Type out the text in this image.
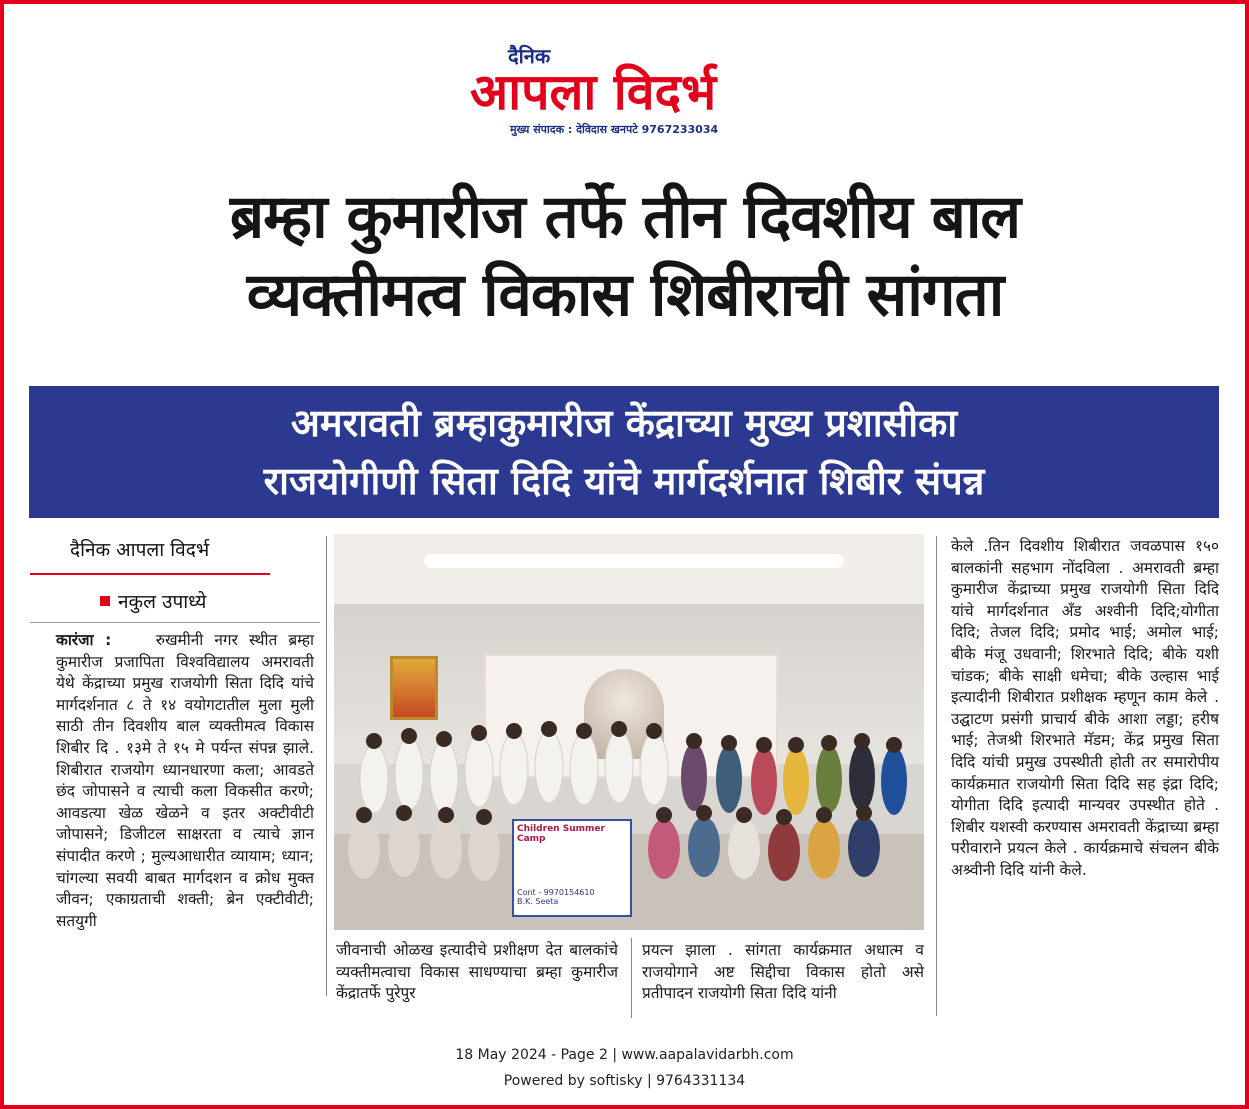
दैनिक
आपला विदर्भ
मुख्य संपादक : देविदास खनपटे 9767233034
ब्रम्हा कुमारीज तर्फे तीन दिवशीय बाल
व्यक्तीमत्व विकास शिबीराची सांगता
अमरावती ब्रम्हाकुमारीज केंद्राच्या मुख्य प्रशासीका
राजयोगीणी सिता दिदि यांचे मार्गदर्शनात शिबीर संपन्न
दैनिक आपला विदर्भ
नकुल उपाध्ये
कारंजा :	रुखमीनी नगर स्थीत ब्रम्हा कुमारीज प्रजापिता विश्वविद्यालय अमरावती येथे केंद्राच्या प्रमुख राजयोगी सिता दिदि यांचे मार्गदर्शनात ८ ते १४ वयोगटातील मुला मुली साठी तीन दिवशीय बाल व्यक्तीमत्व विकास शिबीर दि . १३मे ते १५ मे पर्यन्त संपन्न झाले. शिबीरात राजयोग ध्यानधारणा कला; आवडते छंद जोपासने व त्याची कला विकसीत करणे; आवडत्या खेळ खेळने व इतर अक्टीवीटी जोपासने; डिजीटल साक्षरता व त्याचे ज्ञान संपादीत करणे ; मुल्यआधारीत व्यायाम; ध्यान; चांगल्या सवयी बाबत मार्गदशन व क्रोध मुक्त जीवन; एकाग्रताची शक्ती; ब्रेन एक्टीवीटी; सतयुगी
Children Summer Camp
Cont - 9970154610
B.K. Seeta
जीवनाची ओळख इत्यादीचे प्रशीक्षण देत बालकांचे व्यक्तीमत्वाचा विकास साधण्याचा ब्रम्हा कुमारीज केंद्रातर्फे पुरेपुर
प्रयत्न झाला . सांगता कार्यक्रमात अधात्म व राजयोगाने अष्ट सिद्दीचा विकास होतो असे प्रतीपादन राजयोगी सिता दिदि यांनी
केले .तिन दिवशीय शिबीरात जवळपास १५० बालकांनी सहभाग नोंदविला . अमरावती ब्रम्हा कुमारीज केंद्राच्या प्रमुख राजयोगी सिता दिदि यांचे मार्गदर्शनात अँड अश्वीनी दिदि;योगीता दिदि; तेजल दिदि; प्रमोद भाई; अमोल भाई; बीके मंजू उधवानी; शिरभाते दिदि; बीके यशी चांडक; बीके साक्षी धमेचा; बीके उल्हास भाई इत्यादीनी शिबीरात प्रशीक्षक म्हणून काम केले . उद्घाटण प्रसंगी प्राचार्य बीके आशा लड्डा; हरीष भाई; तेजश्री शिरभाते मॅडम; केंद्र प्रमुख सिता दिदि यांची प्रमुख उपस्थीती होती तर समारोपीय कार्यक्रमात राजयोगी सिता दिदि सह इंद्रा दिदि; योगीता दिदि इत्यादी मान्यवर उपस्थीत होते . शिबीर यशस्वी करण्यास अमरावती केंद्राच्या ब्रम्हा परीवाराने प्रयत्न केले . कार्यक्रमाचे संचलन बीके अश्र्वीनी दिदि यांनी केले.
18 May 2024 - Page 2 | www.aapalavidarbh.com
Powered by softisky | 9764331134
